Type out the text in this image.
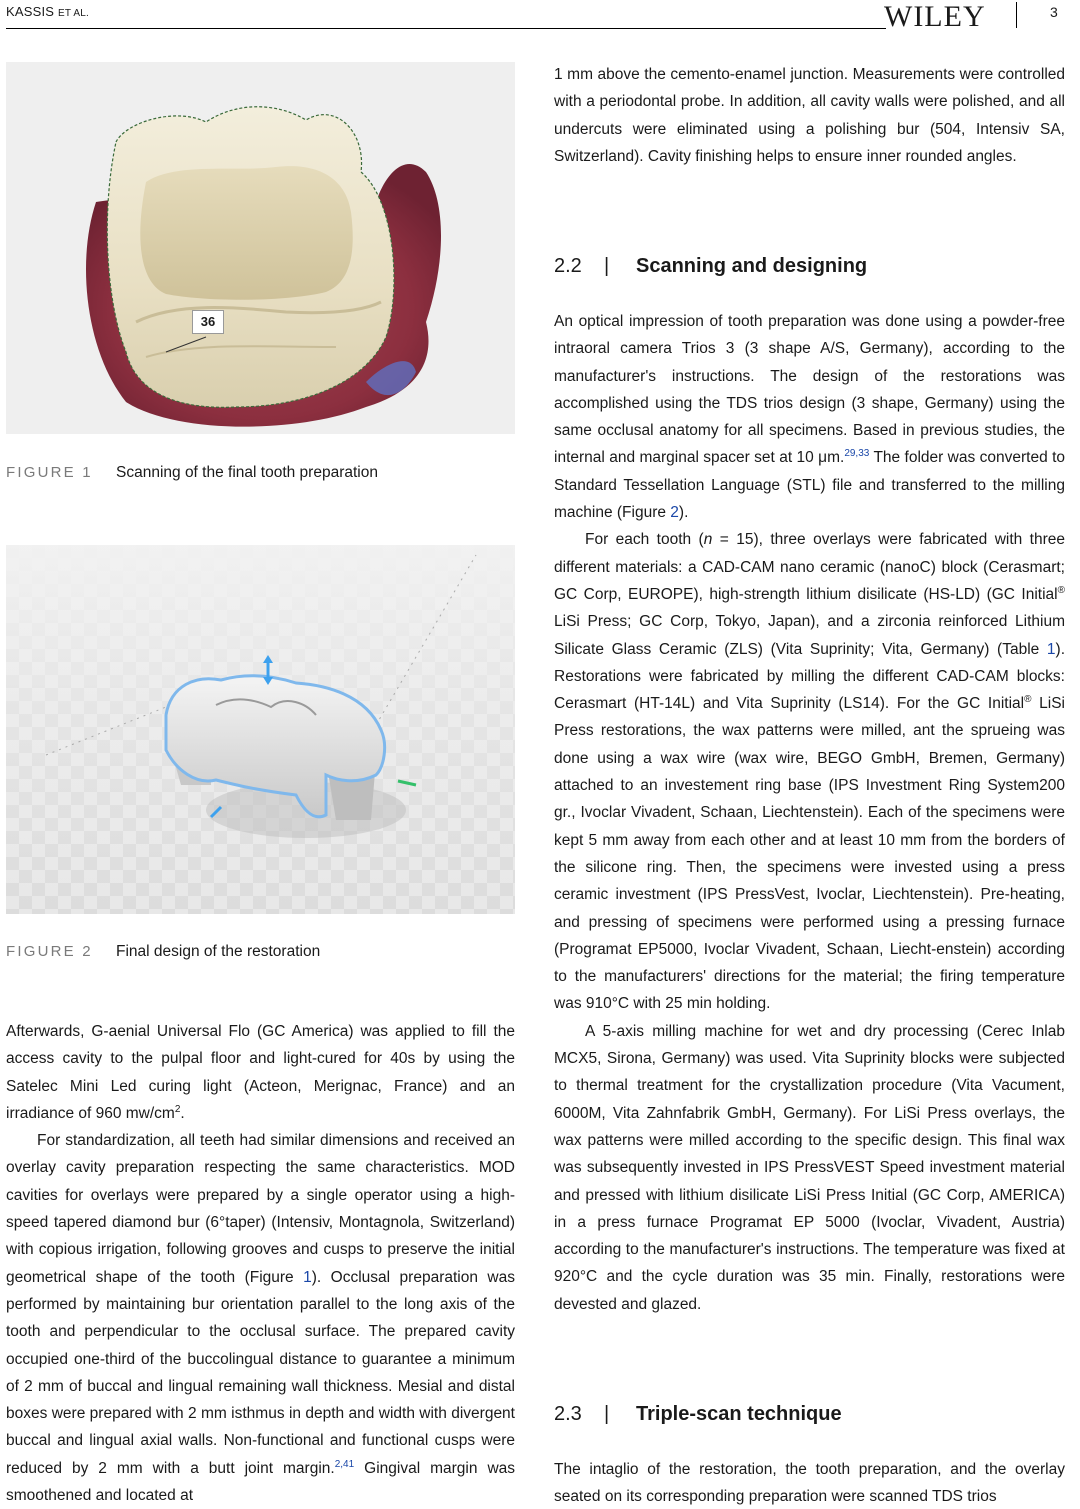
KASSIS ET AL.	WILEY	3
36
FIGURE 1 Scanning of the final tooth preparation
FIGURE 2 Final design of the restoration

Afterwards, G-aenial Universal Flo (GC America) was applied to fill the access cavity to the pulpal floor and light-cured for 40s by using the Satelec Mini Led curing light (Acteon, Merignac, France) and an irradiance of 960 $mw/cm^2$.

For standardization, all teeth had similar dimensions and received an overlay cavity preparation respecting the same characteristics. MOD cavities for overlays were prepared by a single operator using a high-speed tapered diamond bur (6°taper) (Intensiv, Montagnola, Switzerland) with copious irrigation, following grooves and cusps to preserve the initial geometrical shape of the tooth (Figure 1). Occlusal preparation was performed by maintaining bur orientation parallel to the long axis of the tooth and perpendicular to the occlusal surface. The prepared cavity occupied one-third of the buccolingual distance to guarantee a minimum of 2 mm of buccal and lingual remaining wall thickness. Mesial and distal boxes were prepared with 2 mm isthmus in depth and width with divergent buccal and lingual axial walls. Non-functional and functional cusps were reduced by 2 mm with a butt joint margin.$^{2,41}$ Gingival margin was smoothened and located at

1 mm above the cemento-enamel junction. Measurements were controlled with a periodontal probe. In addition, all cavity walls were polished, and all undercuts were eliminated using a polishing bur (504, Intensiv SA, Switzerland). Cavity finishing helps to ensure inner rounded angles.

2.2 | Scanning and designing

An optical impression of tooth preparation was done using a powder-free intraoral camera Trios 3 (3 shape A/S, Germany), according to the manufacturer's instructions. The design of the restorations was accomplished using the TDS trios design (3 shape, Germany) using the same occlusal anatomy for all specimens. Based in previous studies, the internal and marginal spacer set at 10 μm.$^{29,33}$ The folder was converted to Standard Tessellation Language (STL) file and transferred to the milling machine (Figure 2).

For each tooth (n = 15), three overlays were fabricated with three different materials: a CAD-CAM nano ceramic (nanoC) block (Cerasmart; GC Corp, EUROPE), high-strength lithium disilicate (HS-LD) (GC Initial® LiSi Press; GC Corp, Tokyo, Japan), and a zirconia reinforced Lithium Silicate Glass Ceramic (ZLS) (Vita Suprinity; Vita, Germany) (Table 1). Restorations were fabricated by milling the different CAD-CAM blocks: Cerasmart (HT-14L) and Vita Suprinity (LS14). For the GC Initial® LiSi Press restorations, the wax patterns were milled, ant the sprueing was done using a wax wire (wax wire, BEGO GmbH, Bremen, Germany) attached to an investement ring base (IPS Investment Ring System200 gr., Ivoclar Vivadent, Schaan, Liechtenstein). Each of the specimens were kept 5 mm away from each other and at least 10 mm from the borders of the silicone ring. Then, the specimens were invested using a press ceramic investment (IPS PressVest, Ivoclar, Liechtenstein). Pre-heating, and pressing of specimens were performed using a pressing furnace (Programat EP5000, Ivoclar Vivadent, Schaan, Liecht-enstein) according to the manufacturers' directions for the material; the firing temperature was 910°C with 25 min holding.

A 5-axis milling machine for wet and dry processing (Cerec Inlab MCX5, Sirona, Germany) was used. Vita Suprinity blocks were subjected to thermal treatment for the crystallization procedure (Vita Vacument, 6000M, Vita Zahnfabrik GmbH, Germany). For LiSi Press overlays, the wax patterns were milled according to the specific design. This final wax was subsequently invested in IPS PressVEST Speed investment material and pressed with lithium disilicate LiSi Press Initial (GC Corp, AMERICA) in a press furnace Programat EP 5000 (Ivoclar, Vivadent, Austria) according to the manufacturer's instructions. The temperature was fixed at 920°C and the cycle duration was 35 min. Finally, restorations were devested and glazed.

2.3 | Triple-scan technique

The intaglio of the restoration, the tooth preparation, and the overlay seated on its corresponding preparation were scanned TDS trios
